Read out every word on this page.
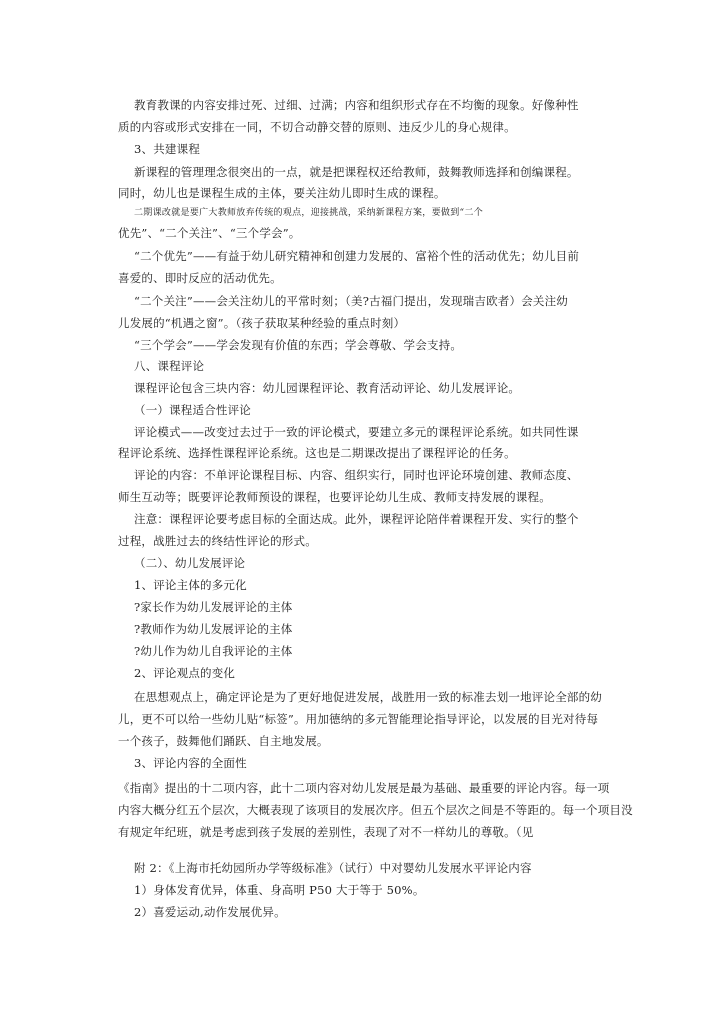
教育教课的内容安排过死、过细、过满；内容和组织形式存在不均衡的现象。好像种性
质的内容或形式安排在一同，不切合动静交替的原则、违反少儿的身心规律。
3、共建课程
新课程的管理理念很突出的一点，就是把课程权还给教师，鼓舞教师选择和创编课程。
同时，幼儿也是课程生成的主体，要关注幼儿即时生成的课程。
二期课改就是要广大教师放弃传统的观点，迎接挑战，采纳新课程方案，要做到“二个
优先”、“二个关注”、“三个学会”。
“二个优先”——有益于幼儿研究精神和创建力发展的、富裕个性的活动优先；幼儿目前
喜爱的、即时反应的活动优先。
“二个关注”——会关注幼儿的平常时刻；（美?古福门提出，发现瑞吉欧者）会关注幼
儿发展的“机遇之窗”。（孩子获取某种经验的重点时刻）
“三个学会”——学会发现有价值的东西；学会尊敬、学会支持。
八、课程评论
课程评论包含三块内容：幼儿园课程评论、教育活动评论、幼儿发展评论。
（一）课程适合性评论
评论模式——改变过去过于一致的评论模式，要建立多元的课程评论系统。如共同性课
程评论系统、选择性课程评论系统。这也是二期课改提出了课程评论的任务。
评论的内容：不单评论课程目标、内容、组织实行，同时也评论环境创建、教师态度、
师生互动等；既要评论教师预设的课程，也要评论幼儿生成、教师支持发展的课程。
注意：课程评论要考虑目标的全面达成。此外，课程评论陪伴着课程开发、实行的整个
过程，战胜过去的终结性评论的形式。
（二）、幼儿发展评论
1、评论主体的多元化
?家长作为幼儿发展评论的主体
?教师作为幼儿发展评论的主体
?幼儿作为幼儿自我评论的主体
2、评论观点的变化
在思想观点上，确定评论是为了更好地促进发展，战胜用一致的标准去划一地评论全部的幼
儿，更不可以给一些幼儿贴“标签”。用加德纳的多元智能理论指导评论，以发展的目光对待每
一个孩子，鼓舞他们踊跃、自主地发展。
3、评论内容的全面性
《指南》提出的十二项内容，此十二项内容对幼儿发展是最为基础、最重要的评论内容。每一项
内容大概分红五个层次，大概表现了该项目的发展次序。但五个层次之间是不等距的。每一个项目没
有规定年纪班，就是考虑到孩子发展的差别性，表现了对不一样幼儿的尊敬。（见
附 2：《上海市托幼园所办学等级标准》（试行）中对婴幼儿发展水平评论内容
1）身体发育优异，体重、身高明 P50 大于等于 50%。
2）喜爱运动,动作发展优异。
